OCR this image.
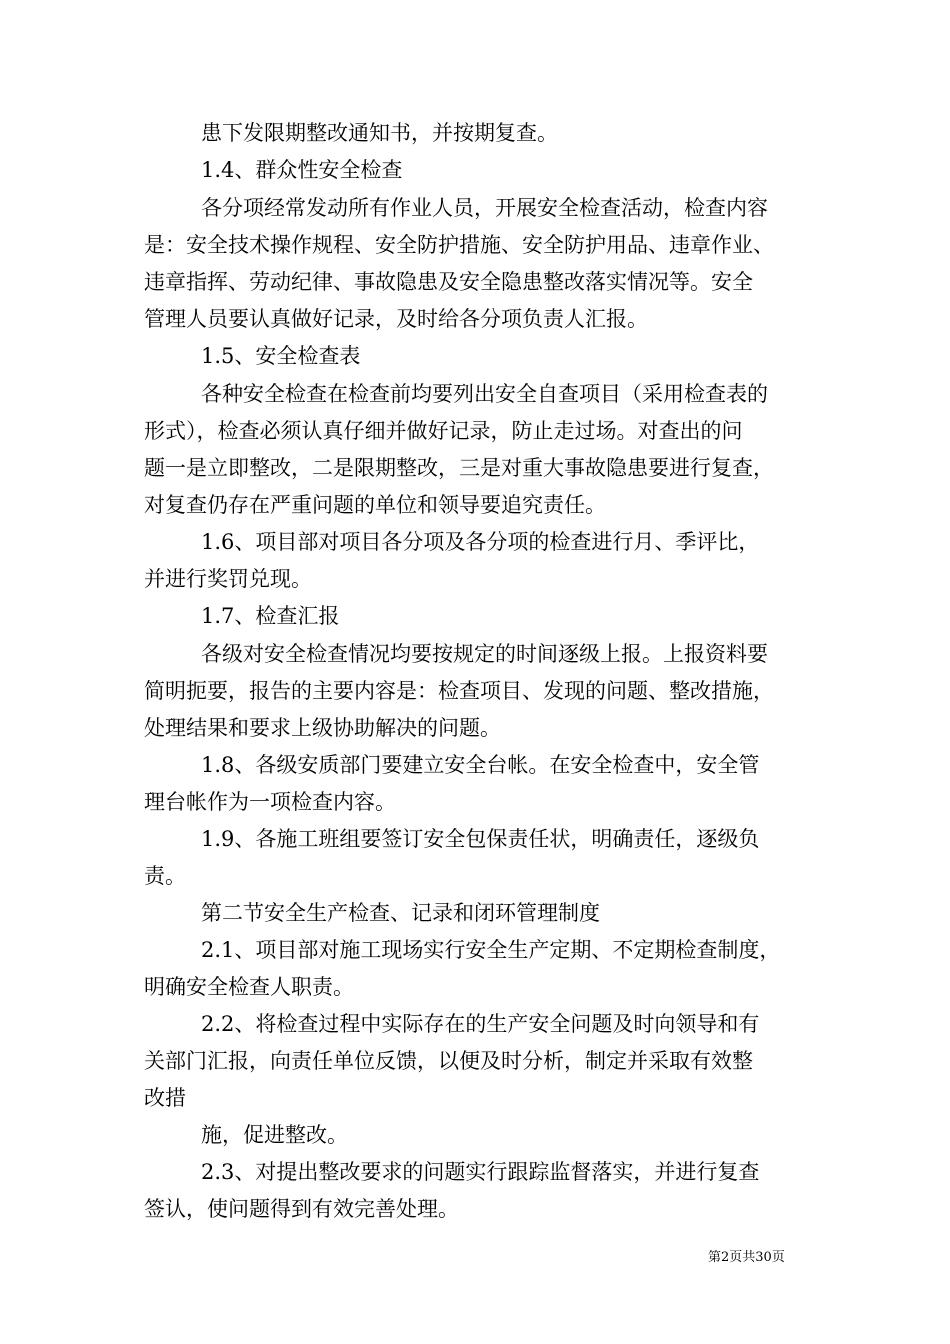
患下发限期整改通知书，并按期复查。
1.4、群众性安全检查
各分项经常发动所有作业人员，开展安全检查活动，检查内容
是：安全技术操作规程、安全防护措施、安全防护用品、违章作业、
违章指挥、劳动纪律、事故隐患及安全隐患整改落实情况等。安全
管理人员要认真做好记录，及时给各分项负责人汇报。
1.5、安全检查表
各种安全检查在检查前均要列出安全自查项目（采用检查表的
形式），检查必须认真仔细并做好记录，防止走过场。对查出的问
题一是立即整改，二是限期整改，三是对重大事故隐患要进行复查，
对复查仍存在严重问题的单位和领导要追究责任。
1.6、项目部对项目各分项及各分项的检查进行月、季评比，
并进行奖罚兑现。
1.7、检查汇报
各级对安全检查情况均要按规定的时间逐级上报。上报资料要
简明扼要，报告的主要内容是：检查项目、发现的问题、整改措施，
处理结果和要求上级协助解决的问题。
1.8、各级安质部门要建立安全台帐。在安全检查中，安全管
理台帐作为一项检查内容。
1.9、各施工班组要签订安全包保责任状，明确责任，逐级负
责。
第二节安全生产检查、记录和闭环管理制度
2.1、项目部对施工现场实行安全生产定期、不定期检查制度，
明确安全检查人职责。
2.2、将检查过程中实际存在的生产安全问题及时向领导和有
关部门汇报，向责任单位反馈，以便及时分析，制定并采取有效整
改措
施，促进整改。
2.3、对提出整改要求的问题实行跟踪监督落实，并进行复查
签认，使问题得到有效完善处理。
第2页共30页
